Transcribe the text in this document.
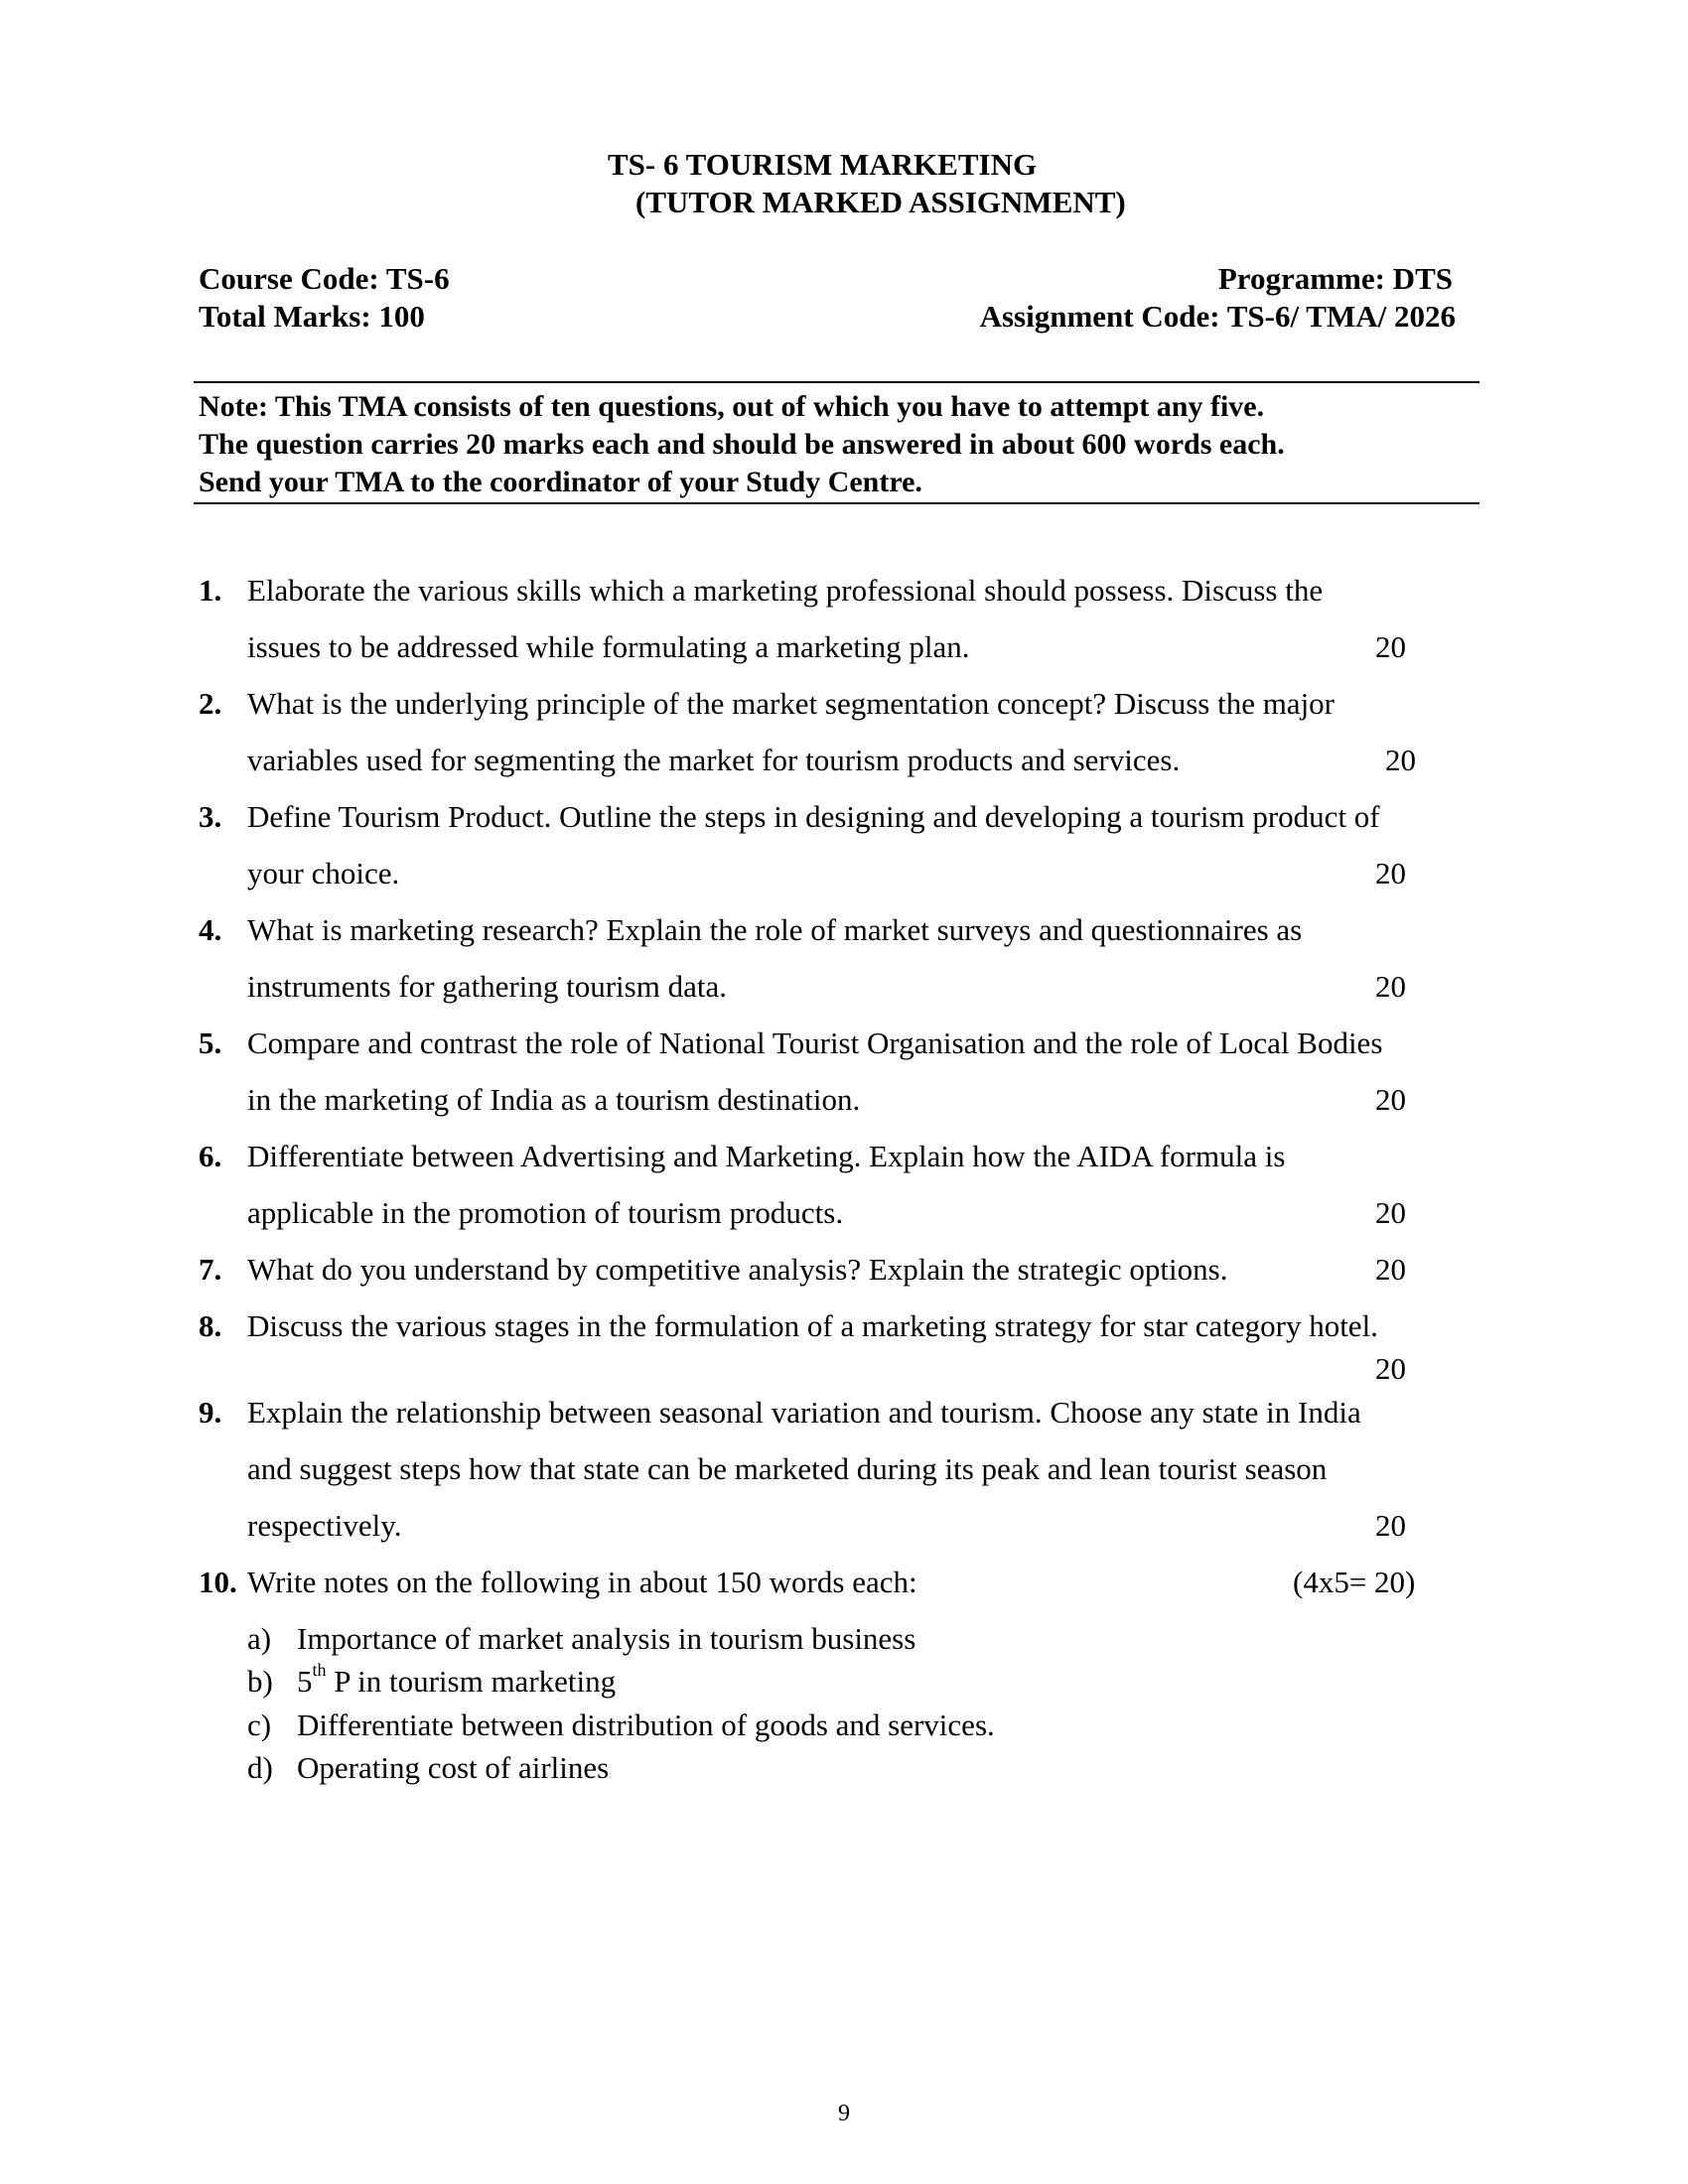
TS- 6 TOURISM MARKETING
(TUTOR MARKED ASSIGNMENT)
Course Code: TS-6	Programme: DTS
Total Marks: 100	Assignment Code: TS-6/ TMA/ 2026
Note: This TMA consists of ten questions, out of which you have to attempt any five.
The question carries 20 marks each and should be answered in about 600 words each.
Send your TMA to the coordinator of your Study Centre.
1. Elaborate the various skills which a marketing professional should possess. Discuss the
issues to be addressed while formulating a marketing plan.	20
2. What is the underlying principle of the market segmentation concept? Discuss the major
variables used for segmenting the market for tourism products and services.	20
3. Define Tourism Product. Outline the steps in designing and developing a tourism product of
your choice.	20
4. What is marketing research? Explain the role of market surveys and questionnaires as
instruments for gathering tourism data.	20
5. Compare and contrast the role of National Tourist Organisation and the role of Local Bodies
in the marketing of India as a tourism destination.	20
6. Differentiate between Advertising and Marketing. Explain how the AIDA formula is
applicable in the promotion of tourism products.	20
7. What do you understand by competitive analysis? Explain the strategic options.	20
8. Discuss the various stages in the formulation of a marketing strategy for star category hotel.
20
9. Explain the relationship between seasonal variation and tourism. Choose any state in India
and suggest steps how that state can be marketed during its peak and lean tourist season
respectively.	20
10. Write notes on the following in about 150 words each:	(4x5= 20)
a) Importance of market analysis in tourism business
b) 5th P in tourism marketing
c) Differentiate between distribution of goods and services.
d) Operating cost of airlines
9
